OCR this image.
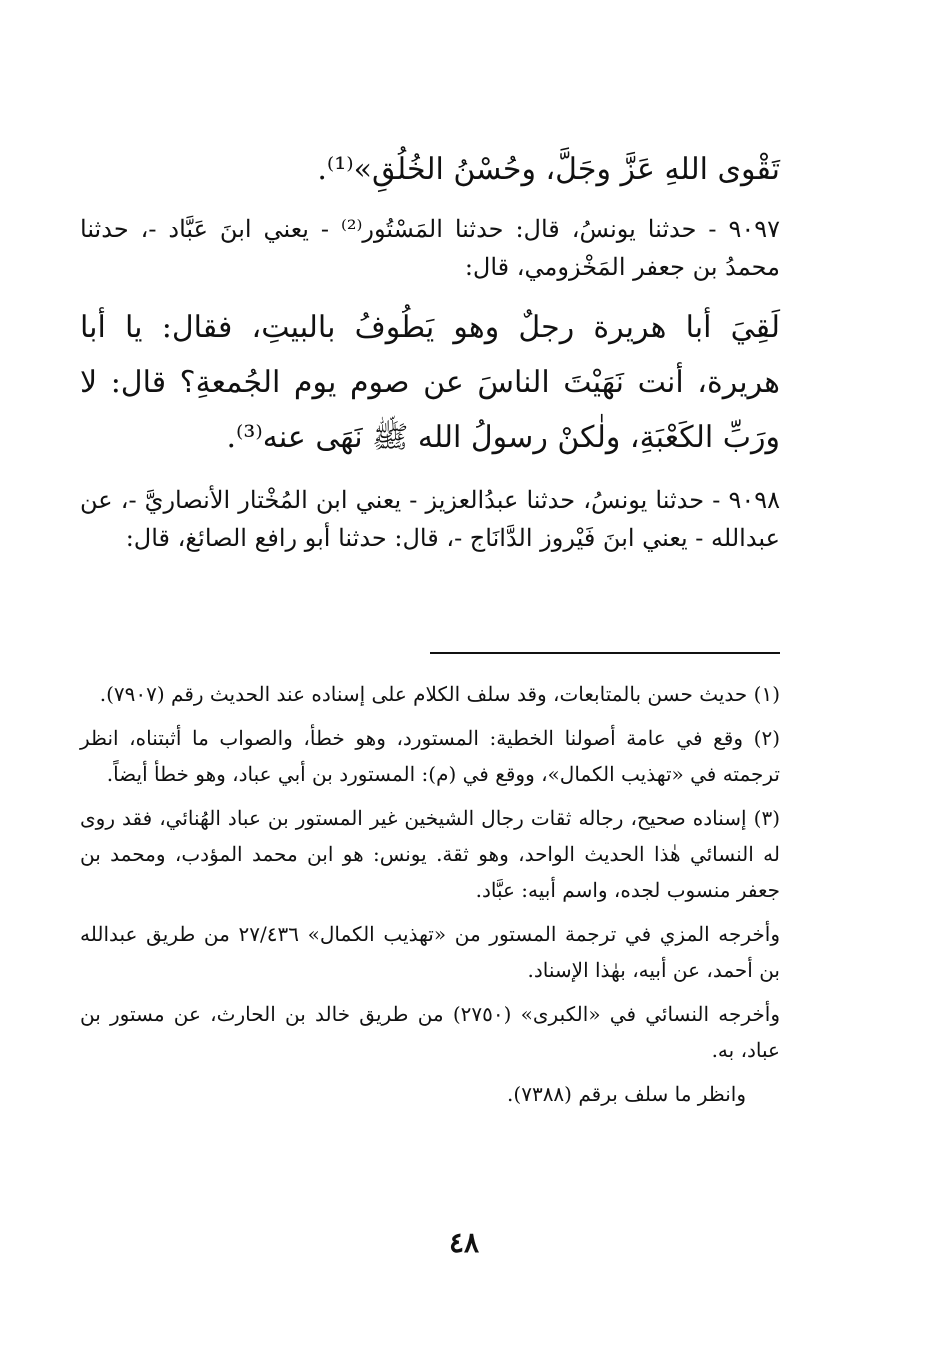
تَقْوى اللهِ عَزَّ وجَلَّ، وحُسْنُ الخُلُقِ»⁽¹⁾.

٩٠٩٧ - حدثنا يونسُ، قال: حدثنا المَسْتُور⁽²⁾ - يعني ابنَ عَبَّاد -، حدثنا محمدُ بن جعفر المَخْزومي، قال:

لَقِيَ أبا هريرة رجلٌ وهو يَطُوفُ بالبيتِ، فقال: يا أبا هريرة، أنت نَهَيْتَ الناسَ عن صوم يوم الجُمعةِ؟ قال: لا ورَبِّ الكَعْبَةِ، ولٰكنْ رسولُ الله ﷺ نَهَى عنه⁽³⁾.

٩٠٩٨ - حدثنا يونسُ، حدثنا عبدُالعزيز - يعني ابن المُخْتار الأنصاريَّ -، عن عبدالله - يعني ابنَ فَيْروز الدَّانَاج -، قال: حدثنا أبو رافع الصائغ، قال:

(١) حديث حسن بالمتابعات، وقد سلف الكلام على إسناده عند الحديث رقم (٧٩٠٧).

(٢) وقع في عامة أصولنا الخطية: المستورد، وهو خطأ، والصواب ما أثبتناه، انظر ترجمته في «تهذيب الكمال»، ووقع في (م): المستورد بن أبي عباد، وهو خطأ أيضاً.

(٣) إسناده صحيح، رجاله ثقات رجال الشيخين غير المستور بن عباد الهُنائي، فقد روى له النسائي هٰذا الحديث الواحد، وهو ثقة. يونس: هو ابن محمد المؤدب، ومحمد بن جعفر منسوب لجده، واسم أبيه: عبَّاد.

وأخرجه المزي في ترجمة المستور من «تهذيب الكمال» ٢٧/٤٣٦ من طريق عبدالله بن أحمد، عن أبيه، بهٰذا الإسناد.

وأخرجه النسائي في «الكبرى» (٢٧٥٠) من طريق خالد بن الحارث، عن مستور بن عباد، به.

وانظر ما سلف برقم (٧٣٨٨).

٤٨
